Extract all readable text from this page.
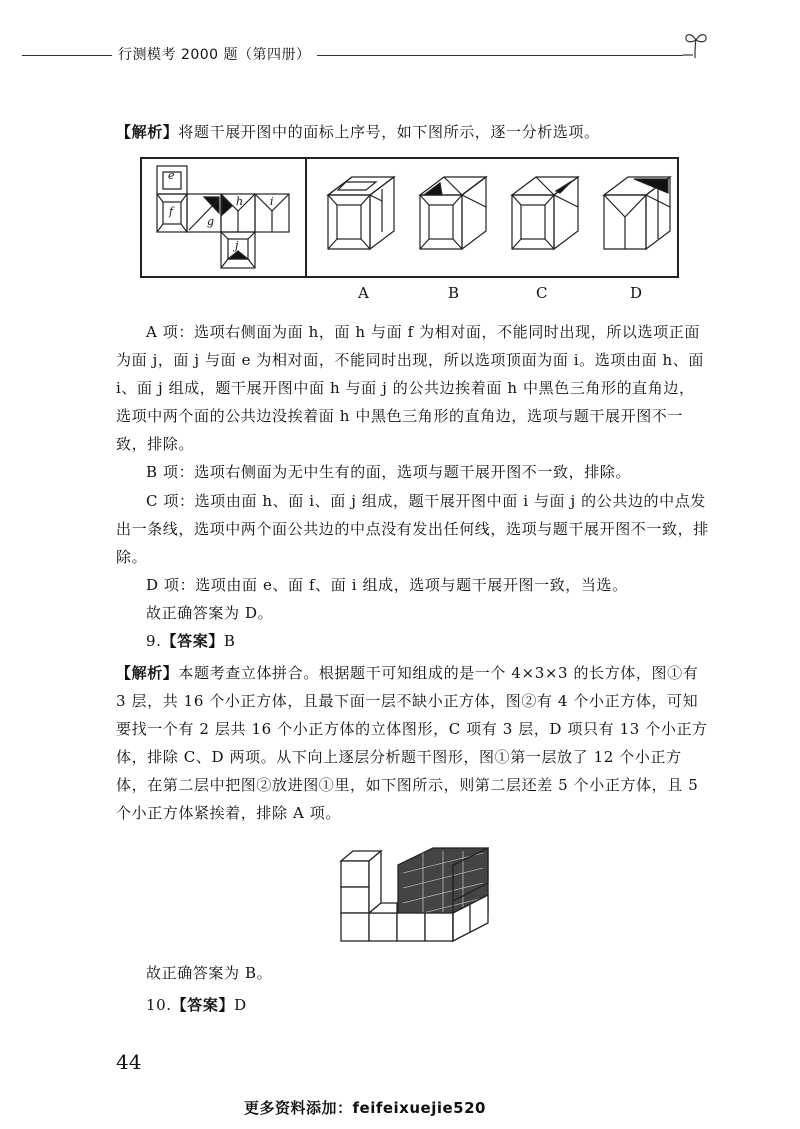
行测模考 2000 题（第四册）

【解析】将题干展开图中的面标上序号，如下图所示，逐一分析选项。

e
f
g
h i
j
A	B	C	D

A 项：选项右侧面为面 h，面 h 与面 f 为相对面，不能同时出现，所以选项正面为面 j，面 j 与面 e 为相对面，不能同时出现，所以选项顶面为面 i。选项由面 h、面 i、面 j 组成，题干展开图中面 h 与面 j 的公共边挨着面 h 中黑色三角形的直角边，选项中两个面的公共边没挨着面 h 中黑色三角形的直角边，选项与题干展开图不一致，排除。

B 项：选项右侧面为无中生有的面，选项与题干展开图不一致，排除。

C 项：选项由面 h、面 i、面 j 组成，题干展开图中面 i 与面 j 的公共边的中点发出一条线，选项中两个面公共边的中点没有发出任何线，选项与题干展开图不一致，排除。

D 项：选项由面 e、面 f、面 i 组成，选项与题干展开图一致，当选。

故正确答案为 D。

9.【答案】B

【解析】本题考查立体拼合。根据题干可知组成的是一个 4×3×3 的长方体，图①有 3 层，共 16 个小正方体，且最下面一层不缺小正方体，图②有 4 个小正方体，可知要找一个有 2 层共 16 个小正方体的立体图形，C 项有 3 层，D 项只有 13 个小正方体，排除 C、D 两项。从下向上逐层分析题干图形，图①第一层放了 12 个小正方体，在第二层中把图②放进图①里，如下图所示，则第二层还差 5 个小正方体，且 5 个小正方体紧挨着，排除 A 项。

故正确答案为 B。

10.【答案】D

44
更多资料添加：feifeixuejie520
